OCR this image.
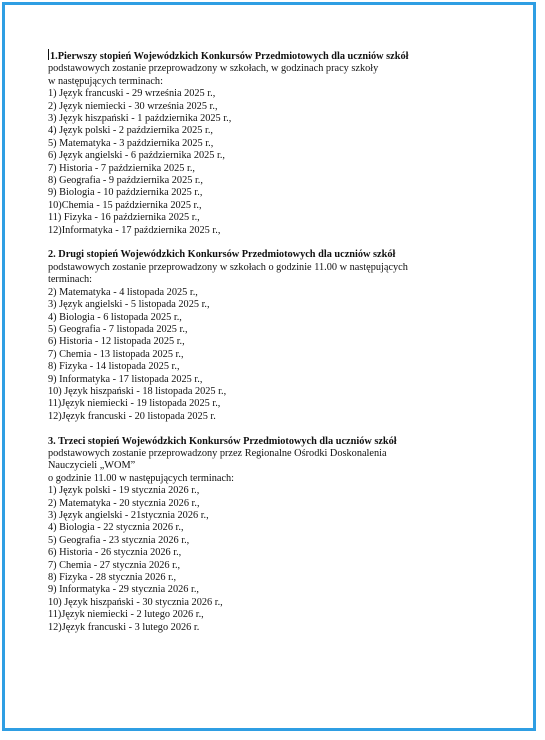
1.Pierwszy stopień Wojewódzkich Konkursów Przedmiotowych dla uczniów szkół
podstawowych zostanie przeprowadzony w szkołach, w godzinach pracy szkoły
w następujących terminach:
1) Język francuski - 29 września 2025 r.,
2) Język niemiecki - 30 września 2025 r.,
3) Język hiszpański - 1 października 2025 r.,
4) Język polski - 2 października 2025 r.,
5) Matematyka - 3 października 2025 r.,
6) Język angielski - 6 października 2025 r.,
7) Historia - 7 października 2025 r.,
8) Geografia - 9 października 2025 r.,
9) Biologia - 10 października 2025 r.,
10)Chemia - 15 października 2025 r.,
11) Fizyka - 16 października 2025 r.,
12)Informatyka - 17 października 2025 r.,
2. Drugi stopień Wojewódzkich Konkursów Przedmiotowych dla uczniów szkół
podstawowych zostanie przeprowadzony w szkołach o godzinie 11.00 w następujących
terminach:
2) Matematyka - 4 listopada 2025 r.,
3) Język angielski - 5 listopada 2025 r.,
4) Biologia - 6 listopada 2025 r.,
5) Geografia - 7 listopada 2025 r.,
6) Historia - 12 listopada 2025 r.,
7) Chemia - 13 listopada 2025 r.,
8) Fizyka - 14 listopada 2025 r.,
9) Informatyka - 17 listopada 2025 r.,
10) Język hiszpański - 18 listopada 2025 r.,
11)Język niemiecki - 19 listopada 2025 r.,
12)Język francuski - 20 listopada 2025 r.
3. Trzeci stopień Wojewódzkich Konkursów Przedmiotowych dla uczniów szkół
podstawowych zostanie przeprowadzony przez Regionalne Ośrodki Doskonalenia
Nauczycieli „WOM”
o godzinie 11.00 w następujących terminach:
1) Język polski - 19 stycznia 2026 r.,
2) Matematyka - 20 stycznia 2026 r.,
3) Język angielski - 21stycznia 2026 r.,
4) Biologia - 22 stycznia 2026 r.,
5) Geografia - 23 stycznia 2026 r.,
6) Historia - 26 stycznia 2026 r.,
7) Chemia - 27 stycznia 2026 r.,
8) Fizyka - 28 stycznia 2026 r.,
9) Informatyka - 29 stycznia 2026 r.,
10) Język hiszpański - 30 stycznia 2026 r.,
11)Język niemiecki - 2 lutego 2026 r.,
12)Język francuski - 3 lutego 2026 r.
